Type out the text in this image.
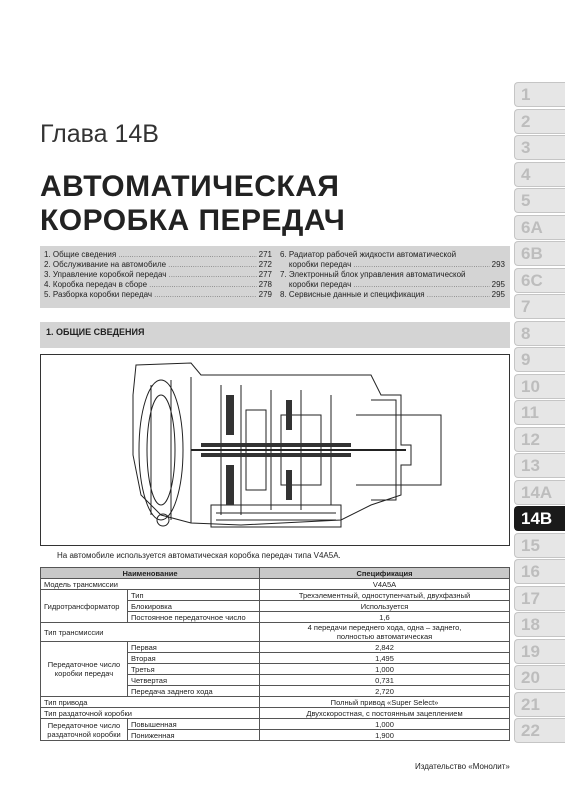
Глава 14B
АВТОМАТИЧЕСКАЯ
КОРОБКА ПЕРЕДАЧ
1.
Общие сведения .....	271
2.
Обслуживание на автомобиле .....	272
3.
Управление коробкой передач .....	277
4.
Коробка передач в сборе .....	278
5.
Разборка коробки передач .....	279
6.
Радиатор рабочей жидкости автоматической

коробки передач .....	293
7.
Электронный блок управления автоматической

коробки передач .....	295
8.
Сервисные данные и спецификация .....	295
1. ОБЩИЕ СВЕДЕНИЯ
На автомобиле используется автоматическая коробка передач типа V4A5A.
Наименование		Спецификация
Модель трансмиссии		V4A5A
Гидротрансформатор	Тип	Трехэлементный, одноступенчатый, двухфазный
	Блокировка	Используется
	Постоянное передаточное число	1,6
Тип трансмиссии		4 передачи переднего хода, одна – заднего,
полностью автоматическая
Передаточное число
коробки передач	Первая	2,842
	Вторая	1,495
	Третья	1,000
	Четвертая	0,731
	Передача заднего хода	2,720
Тип привода		Полный привод «Super Select»
Тип раздаточной коробки		Двухскоростная, с постоянным зацеплением
Передаточное число
раздаточной коробки	Повышенная	1,000
	Пониженная	1,900
Издательство «Монолит»
1
2
3
4
5
6A
6B
6C
7
8
9
10
11
12
13
14A
14B
15
16
17
18
19
20
21
22
